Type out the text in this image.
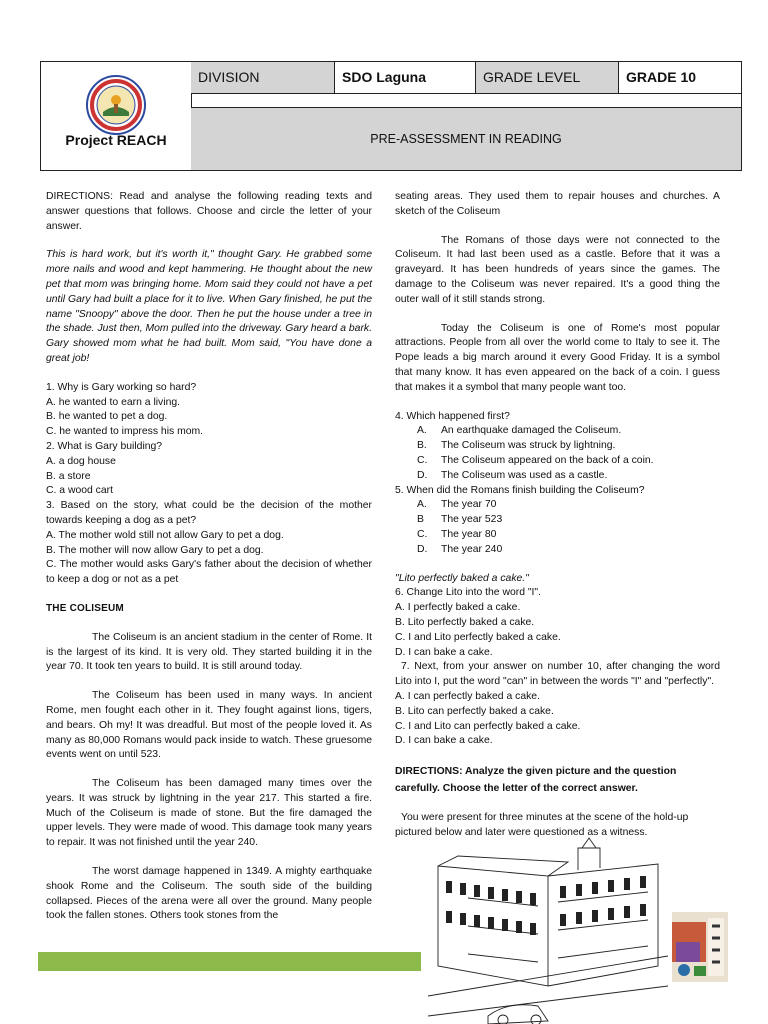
Project REACH
DIVISION	SDO Laguna	GRADE LEVEL	GRADE 10
PRE-ASSESSMENT IN READING

DIRECTIONS: Read and analyse the following reading texts and answer questions that follows. Choose and circle the letter of your answer.

This is hard work, but it's worth it," thought Gary. He grabbed some more nails and wood and kept hammering. He thought about the new pet that mom was bringing home. Mom said they could not have a pet until Gary had built a place for it to live. When Gary finished, he put the name "Snoopy" above the door. Then he put the house under a tree in the shade. Just then, Mom pulled into the driveway. Gary heard a bark. Gary showed mom what he had built. Mom said, "You have done a great job!

1. Why is Gary working so hard?

A. he wanted to earn a living.

B. he wanted to pet a dog.

C. he wanted to impress his mom.

2. What is Gary building?

A. a dog house

B. a store

C. a wood cart

3. Based on the story, what could be the decision of the mother towards keeping a dog as a pet?

A. The mother wold still not allow Gary to pet a dog.

B. The mother will now allow Gary to pet a dog.

C. The mother would asks Gary's father about the decision of whether to keep a dog or not as a pet

THE COLISEUM

The Coliseum is an ancient stadium in the center of Rome. It is the largest of its kind. It is very old. They started building it in the year 70. It took ten years to build. It is still around today.

The Coliseum has been used in many ways. In ancient Rome, men fought each other in it. They fought against lions, tigers, and bears. Oh my! It was dreadful. But most of the people loved it. As many as 80,000 Romans would pack inside to watch. These gruesome events went on until 523.

The Coliseum has been damaged many times over the years. It was struck by lightning in the year 217. This started a fire. Much of the Coliseum is made of stone. But the fire damaged the upper levels. They were made of wood. This damage took many years to repair. It was not finished until the year 240.

The worst damage happened in 1349. A mighty earthquake shook Rome and the Coliseum. The south side of the building collapsed. Pieces of the arena were all over the ground. Many people took the fallen stones. Others took stones from the

seating areas. They used them to repair houses and churches. A sketch of the Coliseum

The Romans of those days were not connected to the Coliseum. It had last been used as a castle. Before that it was a graveyard. It has been hundreds of years since the games. The damage to the Coliseum was never repaired. It's a good thing the outer wall of it still stands strong.

Today the Coliseum is one of Rome's most popular attractions. People from all over the world come to Italy to see it. The Pope leads a big march around it every Good Friday. It is a symbol that many know. It has even appeared on the back of a coin. I guess that makes it a symbol that many people want too.

4. Which happened first?

A. An earthquake damaged the Coliseum.

B. The Coliseum was struck by lightning.

C. The Coliseum appeared on the back of a coin.

D. The Coliseum was used as a castle.

5. When did the Romans finish building the Coliseum?

A. The year 70

B The year 523

C. The year 80

D. The year 240

"Lito perfectly baked a cake."

6. Change Lito into the word "I".

A. I perfectly baked a cake.

B. Lito perfectly baked a cake.

C. I and Lito perfectly baked a cake.

D. I can bake a cake.

7. Next, from your answer on number 10, after changing the word Lito into I, put the word "can" in between the words "I" and "perfectly".

A. I can perfectly baked a cake.

B. Lito can perfectly baked a cake.

C. I and Lito can perfectly baked a cake.

D. I can bake a cake.

DIRECTIONS: Analyze the given picture and the question carefully. Choose the letter of the correct answer.

You were present for three minutes at the scene of the hold-up pictured below and later were questioned as a witness.
